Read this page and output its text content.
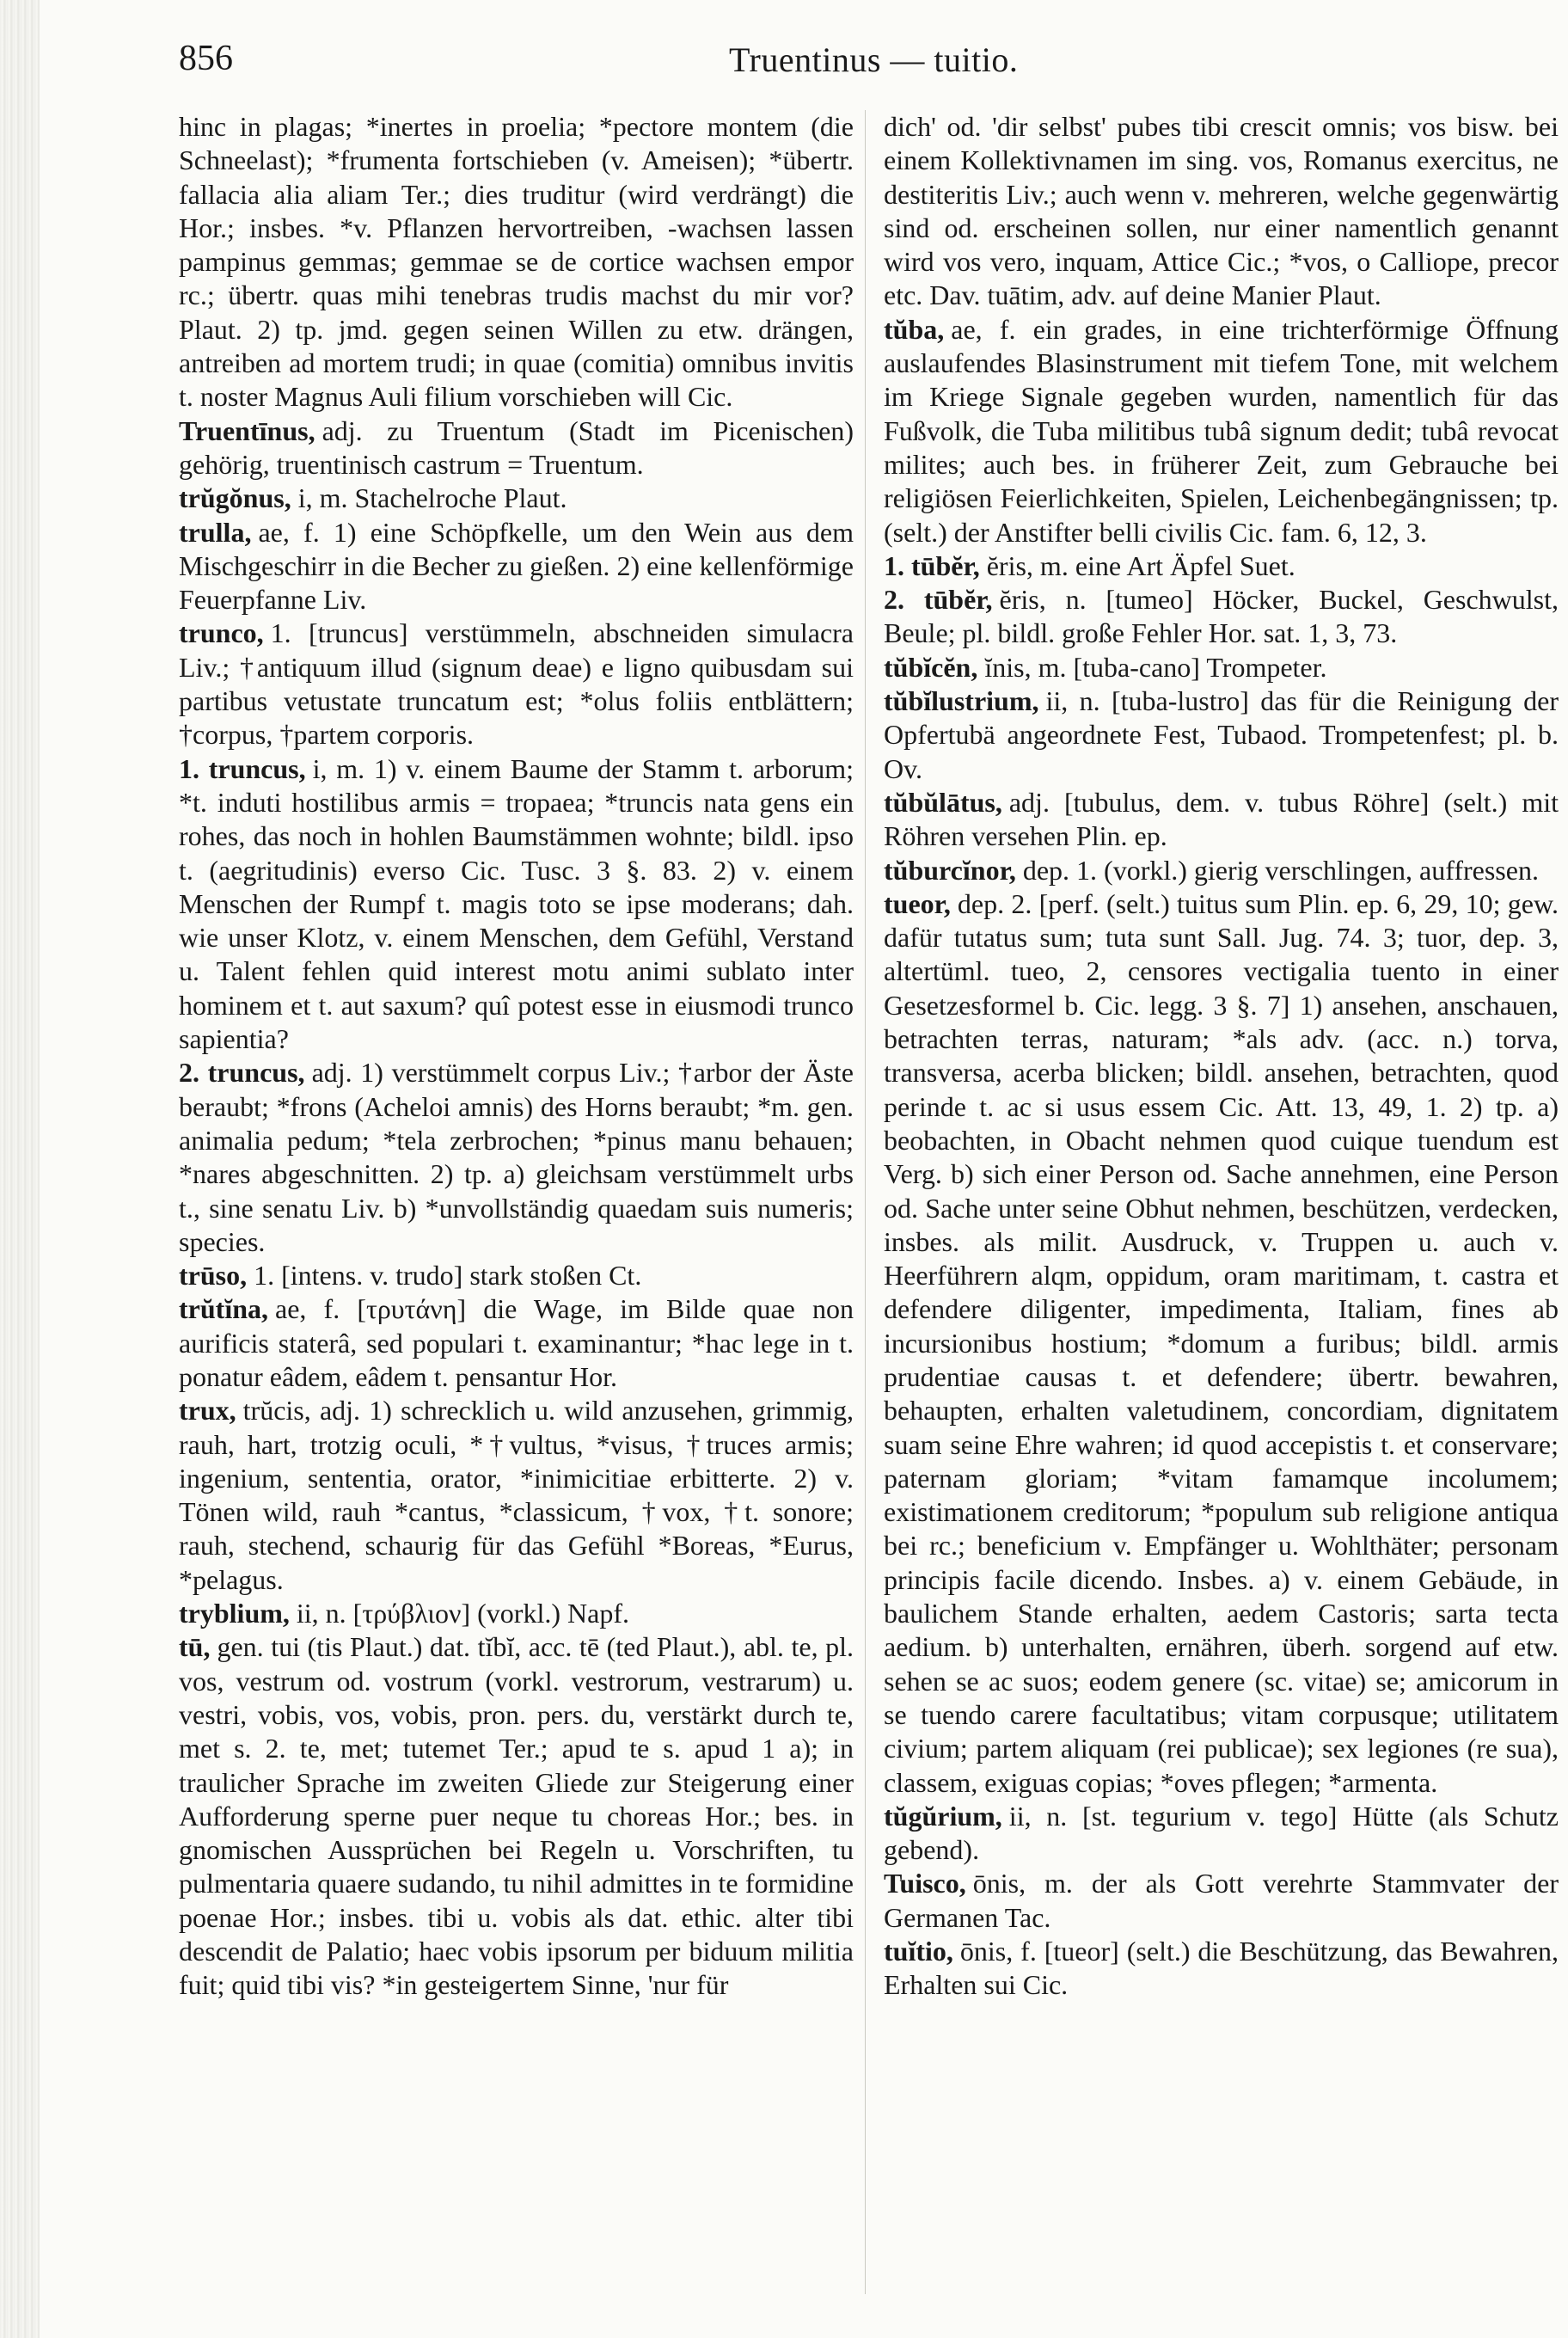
856	Truentinus — tuitio.

hinc in plagas; *inertes in proelia; *pectore montem (die Schneelast); *frumenta fortschieben (v. Ameisen); *übertr. fallacia alia aliam Ter.; dies truditur (wird verdrängt) die Hor.; insbes. *v. Pflanzen hervortreiben, -wachsen lassen pampinus gemmas; gemmae se de cortice wachsen empor rc.; übertr. quas mihi tenebras trudis machst du mir vor? Plaut. 2) tp. jmd. gegen seinen Willen zu etw. drängen, antreiben ad mortem trudi; in quae (comitia) omnibus invitis t. noster Magnus Auli filium vorschieben will Cic.

Truentīnus, adj. zu Truentum (Stadt im Picenischen) gehörig, truentinisch castrum = Truentum.

trŭgŏnus, i, m. Stachelroche Plaut.

trulla, ae, f. 1) eine Schöpfkelle, um den Wein aus dem Mischgeschirr in die Becher zu gießen. 2) eine kellenförmige Feuerpfanne Liv.

trunco, 1. [truncus] verstümmeln, abschneiden simulacra Liv.; †antiquum illud (signum deae) e ligno quibusdam sui partibus vetustate truncatum est; *olus foliis entblättern; †corpus, †partem corporis.

1. truncus, i, m. 1) v. einem Baume der Stamm t. arborum; *t. induti hostilibus armis = tropaea; *truncis nata gens ein rohes, das noch in hohlen Baumstämmen wohnte; bildl. ipso t. (aegritudinis) everso Cic. Tusc. 3 §. 83. 2) v. einem Menschen der Rumpf t. magis toto se ipse moderans; dah. wie unser Klotz, v. einem Menschen, dem Gefühl, Verstand u. Talent fehlen quid interest motu animi sublato inter hominem et t. aut saxum? quî potest esse in eiusmodi trunco sapientia?

2. truncus, adj. 1) verstümmelt corpus Liv.; †arbor der Äste beraubt; *frons (Acheloi amnis) des Horns beraubt; *m. gen. animalia pedum; *tela zerbrochen; *pinus manu behauen; *nares abgeschnitten. 2) tp. a) gleichsam verstümmelt urbs t., sine senatu Liv. b) *unvollständig quaedam suis numeris; species.

trūso, 1. [intens. v. trudo] stark stoßen Ct.

trŭtĭna, ae, f. [τρυτάνη] die Wage, im Bilde quae non aurificis staterâ, sed populari t. examinantur; *hac lege in t. ponatur eâdem, eâdem t. pensantur Hor.

trux, trŭcis, adj. 1) schrecklich u. wild anzusehen, grimmig, rauh, hart, trotzig oculi, *†vultus, *visus, †truces armis; ingenium, sententia, orator, *inimicitiae erbitterte. 2) v. Tönen wild, rauh *cantus, *classicum, †vox, †t. sonore; rauh, stechend, schaurig für das Gefühl *Boreas, *Eurus, *pelagus.

tryblium, ii, n. [τρύβλιον] (vorkl.) Napf.

tū, gen. tui (tis Plaut.) dat. tĭbĭ, acc. tē (ted Plaut.), abl. te, pl. vos, vestrum od. vostrum (vorkl. vestrorum, vestrarum) u. vestri, vobis, vos, vobis, pron. pers. du, verstärkt durch te, met s. 2. te, met; tutemet Ter.; apud te s. apud 1 a); in traulicher Sprache im zweiten Gliede zur Steigerung einer Aufforderung sperne puer neque tu choreas Hor.; bes. in gnomischen Aussprüchen bei Regeln u. Vorschriften, tu pulmentaria quaere sudando, tu nihil admittes in te formidine poenae Hor.; insbes. tibi u. vobis als dat. ethic. alter tibi descendit de Palatio; haec vobis ipsorum per biduum militia fuit; quid tibi vis? *in gesteigertem Sinne, 'nur für

dich' od. 'dir selbst' pubes tibi crescit omnis; vos bisw. bei einem Kollektivnamen im sing. vos, Romanus exercitus, ne destiteritis Liv.; auch wenn v. mehreren, welche gegenwärtig sind od. erscheinen sollen, nur einer namentlich genannt wird vos vero, inquam, Attice Cic.; *vos, o Calliope, precor etc. Dav. tuātim, adv. auf deine Manier Plaut.

tŭba, ae, f. ein grades, in eine trichterförmige Öffnung auslaufendes Blasinstrument mit tiefem Tone, mit welchem im Kriege Signale gegeben wurden, namentlich für das Fußvolk, die Tuba militibus tubâ signum dedit; tubâ revocat milites; auch bes. in früherer Zeit, zum Gebrauche bei religiösen Feierlichkeiten, Spielen, Leichenbegängnissen; tp. (selt.) der Anstifter belli civilis Cic. fam. 6, 12, 3.

1. tūbĕr, ĕris, m. eine Art Äpfel Suet.

2. tūbĕr, ĕris, n. [tumeo] Höcker, Buckel, Geschwulst, Beule; pl. bildl. große Fehler Hor. sat. 1, 3, 73.

tŭbĭcĕn, ĭnis, m. [tuba-cano] Trompeter.

tŭbĭlustrium, ii, n. [tuba-lustro] das für die Reinigung der Opfertubä angeordnete Fest, Tubaod. Trompetenfest; pl. b. Ov.

tŭbŭlātus, adj. [tubulus, dem. v. tubus Röhre] (selt.) mit Röhren versehen Plin. ep.

tŭburcĭnor, dep. 1. (vorkl.) gierig verschlingen, auffressen.

tueor, dep. 2. [perf. (selt.) tuitus sum Plin. ep. 6, 29, 10; gew. dafür tutatus sum; tuta sunt Sall. Jug. 74. 3; tuor, dep. 3, altertüml. tueo, 2, censores vectigalia tuento in einer Gesetzesformel b. Cic. legg. 3 §. 7] 1) ansehen, anschauen, betrachten terras, naturam; *als adv. (acc. n.) torva, transversa, acerba blicken; bildl. ansehen, betrachten, quod perinde t. ac si usus essem Cic. Att. 13, 49, 1. 2) tp. a) beobachten, in Obacht nehmen quod cuique tuendum est Verg. b) sich einer Person od. Sache annehmen, eine Person od. Sache unter seine Obhut nehmen, beschützen, verdecken, insbes. als milit. Ausdruck, v. Truppen u. auch v. Heerführern alqm, oppidum, oram maritimam, t. castra et defendere diligenter, impedimenta, Italiam, fines ab incursionibus hostium; *domum a furibus; bildl. armis prudentiae causas t. et defendere; übertr. bewahren, behaupten, erhalten valetudinem, concordiam, dignitatem suam seine Ehre wahren; id quod accepistis t. et conservare; paternam gloriam; *vitam famamque incolumem; existimationem creditorum; *populum sub religione antiqua bei rc.; beneficium v. Empfänger u. Wohlthäter; personam principis facile dicendo. Insbes. a) v. einem Gebäude, in baulichem Stande erhalten, aedem Castoris; sarta tecta aedium. b) unterhalten, ernähren, überh. sorgend auf etw. sehen se ac suos; eodem genere (sc. vitae) se; amicorum in se tuendo carere facultatibus; vitam corpusque; utilitatem civium; partem aliquam (rei publicae); sex legiones (re sua), classem, exiguas copias; *oves pflegen; *armenta.

tŭgŭrium, ii, n. [st. tegurium v. tego] Hütte (als Schutz gebend).

Tuisco, ōnis, m. der als Gott verehrte Stammvater der Germanen Tac.

tuĭtio, ōnis, f. [tueor] (selt.) die Beschützung, das Bewahren, Erhalten sui Cic.
